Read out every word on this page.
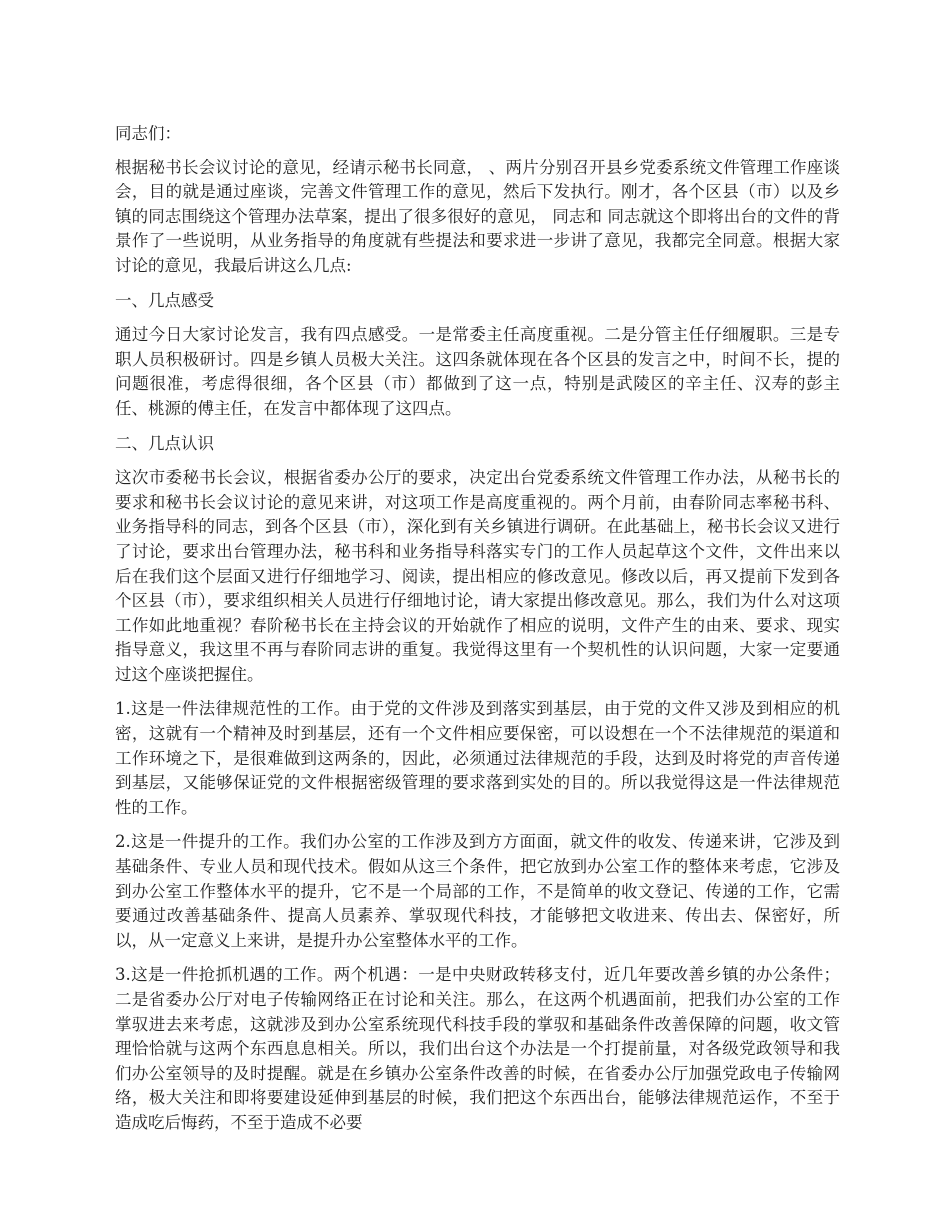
同志们：

根据秘书长会议讨论的意见，经请示秘书长同意， 、两片分别召开县乡党委系统文件管理工作座谈会，目的就是通过座谈，完善文件管理工作的意见，然后下发执行。刚才，各个区县（市）以及乡镇的同志围绕这个管理办法草案，提出了很多很好的意见， 同志和 同志就这个即将出台的文件的背景作了一些说明，从业务指导的角度就有些提法和要求进一步讲了意见，我都完全同意。根据大家讨论的意见，我最后讲这么几点:

一、几点感受

通过今日大家讨论发言，我有四点感受。一是常委主任高度重视。二是分管主任仔细履职。三是专职人员积极研讨。四是乡镇人员极大关注。这四条就体现在各个区县的发言之中，时间不长，提的问题很准，考虑得很细，各个区县（市）都做到了这一点，特别是武陵区的辛主任、汉寿的彭主任、桃源的傅主任，在发言中都体现了这四点。

二、几点认识

这次市委秘书长会议，根据省委办公厅的要求，决定出台党委系统文件管理工作办法，从秘书长的要求和秘书长会议讨论的意见来讲，对这项工作是高度重视的。两个月前，由春阶同志率秘书科、业务指导科的同志，到各个区县（市），深化到有关乡镇进行调研。在此基础上，秘书长会议又进行了讨论，要求出台管理办法，秘书科和业务指导科落实专门的工作人员起草这个文件，文件出来以后在我们这个层面又进行仔细地学习、阅读，提出相应的修改意见。修改以后，再又提前下发到各个区县（市），要求组织相关人员进行仔细地讨论，请大家提出修改意见。那么，我们为什么对这项工作如此地重视？春阶秘书长在主持会议的开始就作了相应的说明，文件产生的由来、要求、现实指导意义，我这里不再与春阶同志讲的重复。我觉得这里有一个契机性的认识问题，大家一定要通过这个座谈把握住。

1.这是一件法律规范性的工作。由于党的文件涉及到落实到基层，由于党的文件又涉及到相应的机密，这就有一个精神及时到基层，还有一个文件相应要保密，可以设想在一个不法律规范的渠道和工作环境之下，是很难做到这两条的，因此，必须通过法律规范的手段，达到及时将党的声音传递到基层，又能够保证党的文件根据密级管理的要求落到实处的目的。所以我觉得这是一件法律规范性的工作。

2.这是一件提升的工作。我们办公室的工作涉及到方方面面，就文件的收发、传递来讲，它涉及到基础条件、专业人员和现代技术。假如从这三个条件，把它放到办公室工作的整体来考虑，它涉及到办公室工作整体水平的提升，它不是一个局部的工作，不是简单的收文登记、传递的工作，它需要通过改善基础条件、提高人员素养、掌驭现代科技，才能够把文收进来、传出去、保密好，所以，从一定意义上来讲，是提升办公室整体水平的工作。

3.这是一件抢抓机遇的工作。两个机遇：一是中央财政转移支付，近几年要改善乡镇的办公条件；二是省委办公厅对电子传输网络正在讨论和关注。那么，在这两个机遇面前，把我们办公室的工作掌驭进去来考虑，这就涉及到办公室系统现代科技手段的掌驭和基础条件改善保障的问题，收文管理恰恰就与这两个东西息息相关。所以，我们出台这个办法是一个打提前量，对各级党政领导和我们办公室领导的及时提醒。就是在乡镇办公室条件改善的时候，在省委办公厅加强党政电子传输网络，极大关注和即将要建设延伸到基层的时候，我们把这个东西出台，能够法律规范运作，不至于造成吃后悔药，不至于造成不必要
